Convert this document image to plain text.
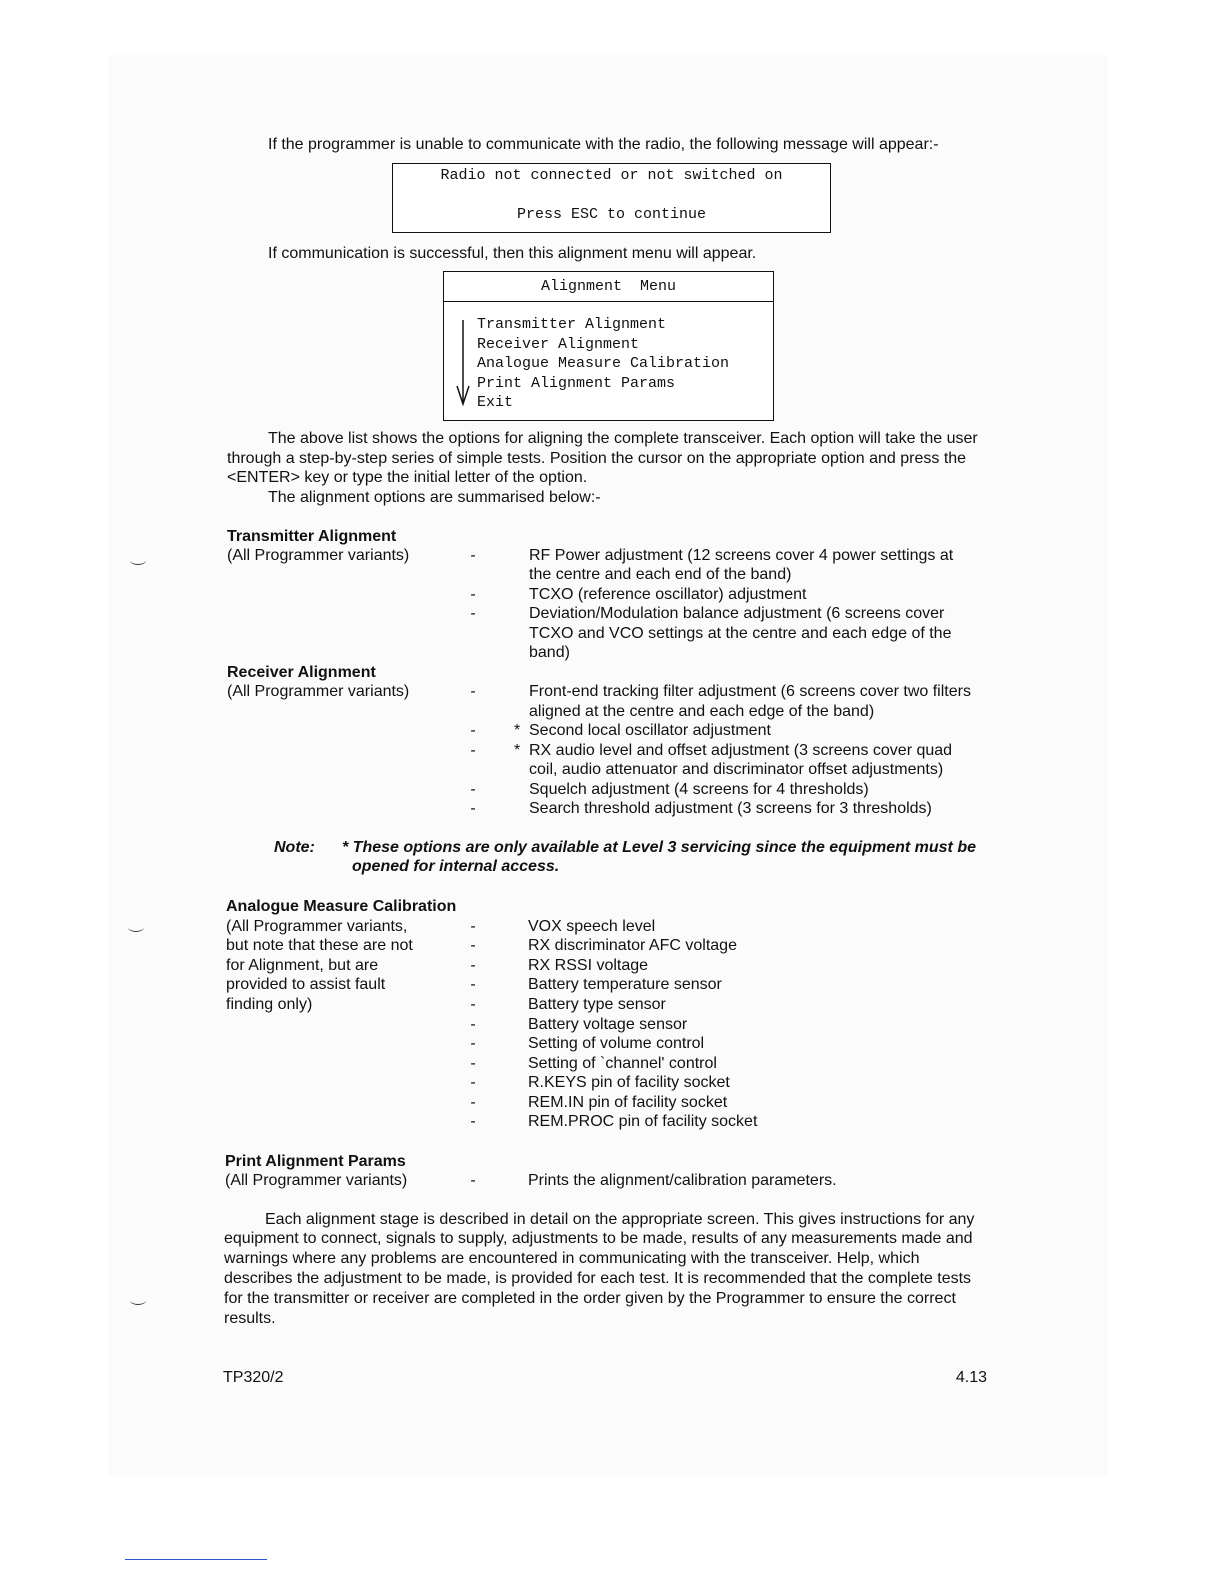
If the programmer is unable to communicate with the radio, the following message will appear:-
Radio not connected or not switched on
Press ESC to continue
If communication is successful, then this alignment menu will appear.
Alignment  Menu
Transmitter Alignment
Receiver Alignment
Analogue Measure Calibration
Print Alignment Params
Exit
The above list shows the options for aligning the complete transceiver. Each option will take the user
through a step-by-step series of simple tests. Position the cursor on the appropriate option and press the
<ENTER> key or type the initial letter of the option.
The alignment options are summarised below:-
Transmitter Alignment
(All Programmer variants)	-	RF Power adjustment (12 screens cover 4 power settings at
the centre and each end of the band)
-	TCXO (reference oscillator) adjustment
-	Deviation/Modulation balance adjustment (6 screens cover
TCXO and VCO settings at the centre and each edge of the
band)
Receiver Alignment
(All Programmer variants)	-	Front-end tracking filter adjustment (6 screens cover two filters
aligned at the centre and each edge of the band)
- * Second local oscillator adjustment
- * RX audio level and offset adjustment (3 screens cover quad
coil, audio attenuator and discriminator offset adjustments)
-	Squelch adjustment (4 screens for 4 thresholds)
-	Search threshold adjustment (3 screens for 3 thresholds)
Note: * These options are only available at Level 3 servicing since the equipment must be
opened for internal access.
Analogue Measure Calibration
(All Programmer variants,
but note that these are not
for Alignment, but are
provided to assist fault
finding only)
-	VOX speech level
-	RX discriminator AFC voltage
-	RX RSSI voltage
-	Battery temperature sensor
-	Battery type sensor
-	Battery voltage sensor
-	Setting of volume control
-	Setting of `channel' control
-	R.KEYS pin of facility socket
-	REM.IN pin of facility socket
-	REM.PROC pin of facility socket
Print Alignment Params
(All Programmer variants)	-	Prints the alignment/calibration parameters.
Each alignment stage is described in detail on the appropriate screen. This gives instructions for any
equipment to connect, signals to supply, adjustments to be made, results of any measurements made and
warnings where any problems are encountered in communicating with the transceiver. Help, which
describes the adjustment to be made, is provided for each test. It is recommended that the complete tests
for the transmitter or receiver are completed in the order given by the Programmer to ensure the correct
results.
TP320/2	4.13
